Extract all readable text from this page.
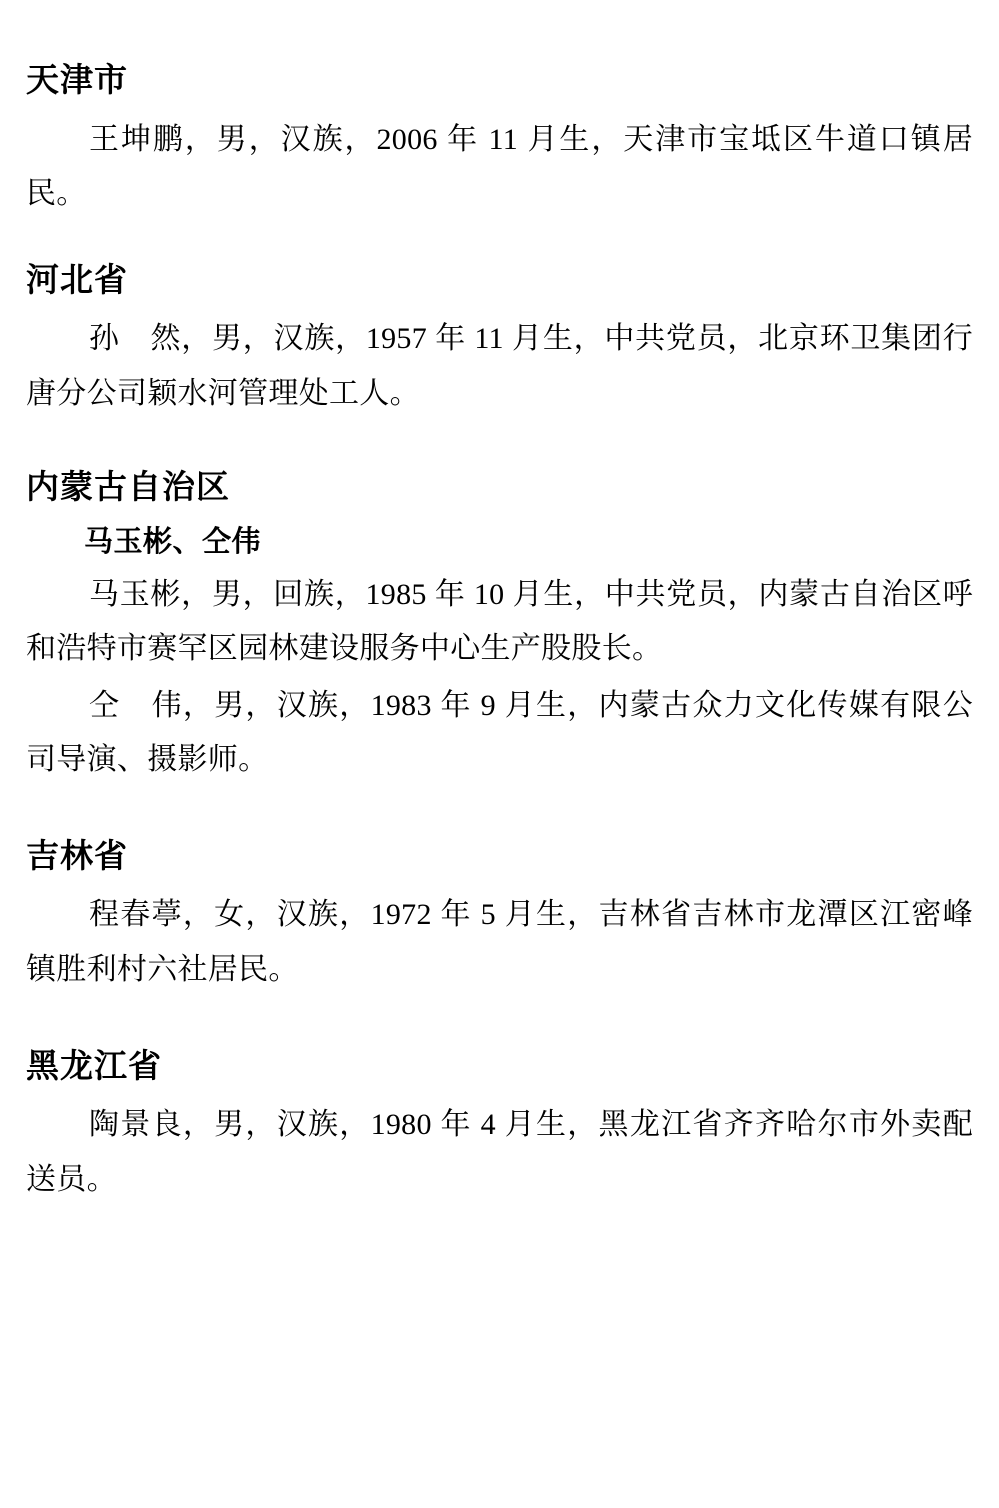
天津市

王坤鹏，男，汉族，2006 年 11 月生，天津市宝坻区牛道口镇居民。

河北省

孙　然，男，汉族，1957 年 11 月生，中共党员，北京环卫集团行唐分公司颖水河管理处工人。

内蒙古自治区

马玉彬、仝伟

马玉彬，男，回族，1985 年 10 月生，中共党员，内蒙古自治区呼和浩特市赛罕区园林建设服务中心生产股股长。

仝　伟，男，汉族，1983 年 9 月生，内蒙古众力文化传媒有限公司导演、摄影师。

吉林省

程春葶，女，汉族，1972 年 5 月生，吉林省吉林市龙潭区江密峰镇胜利村六社居民。

黑龙江省

陶景良，男，汉族，1980 年 4 月生，黑龙江省齐齐哈尔市外卖配送员。
